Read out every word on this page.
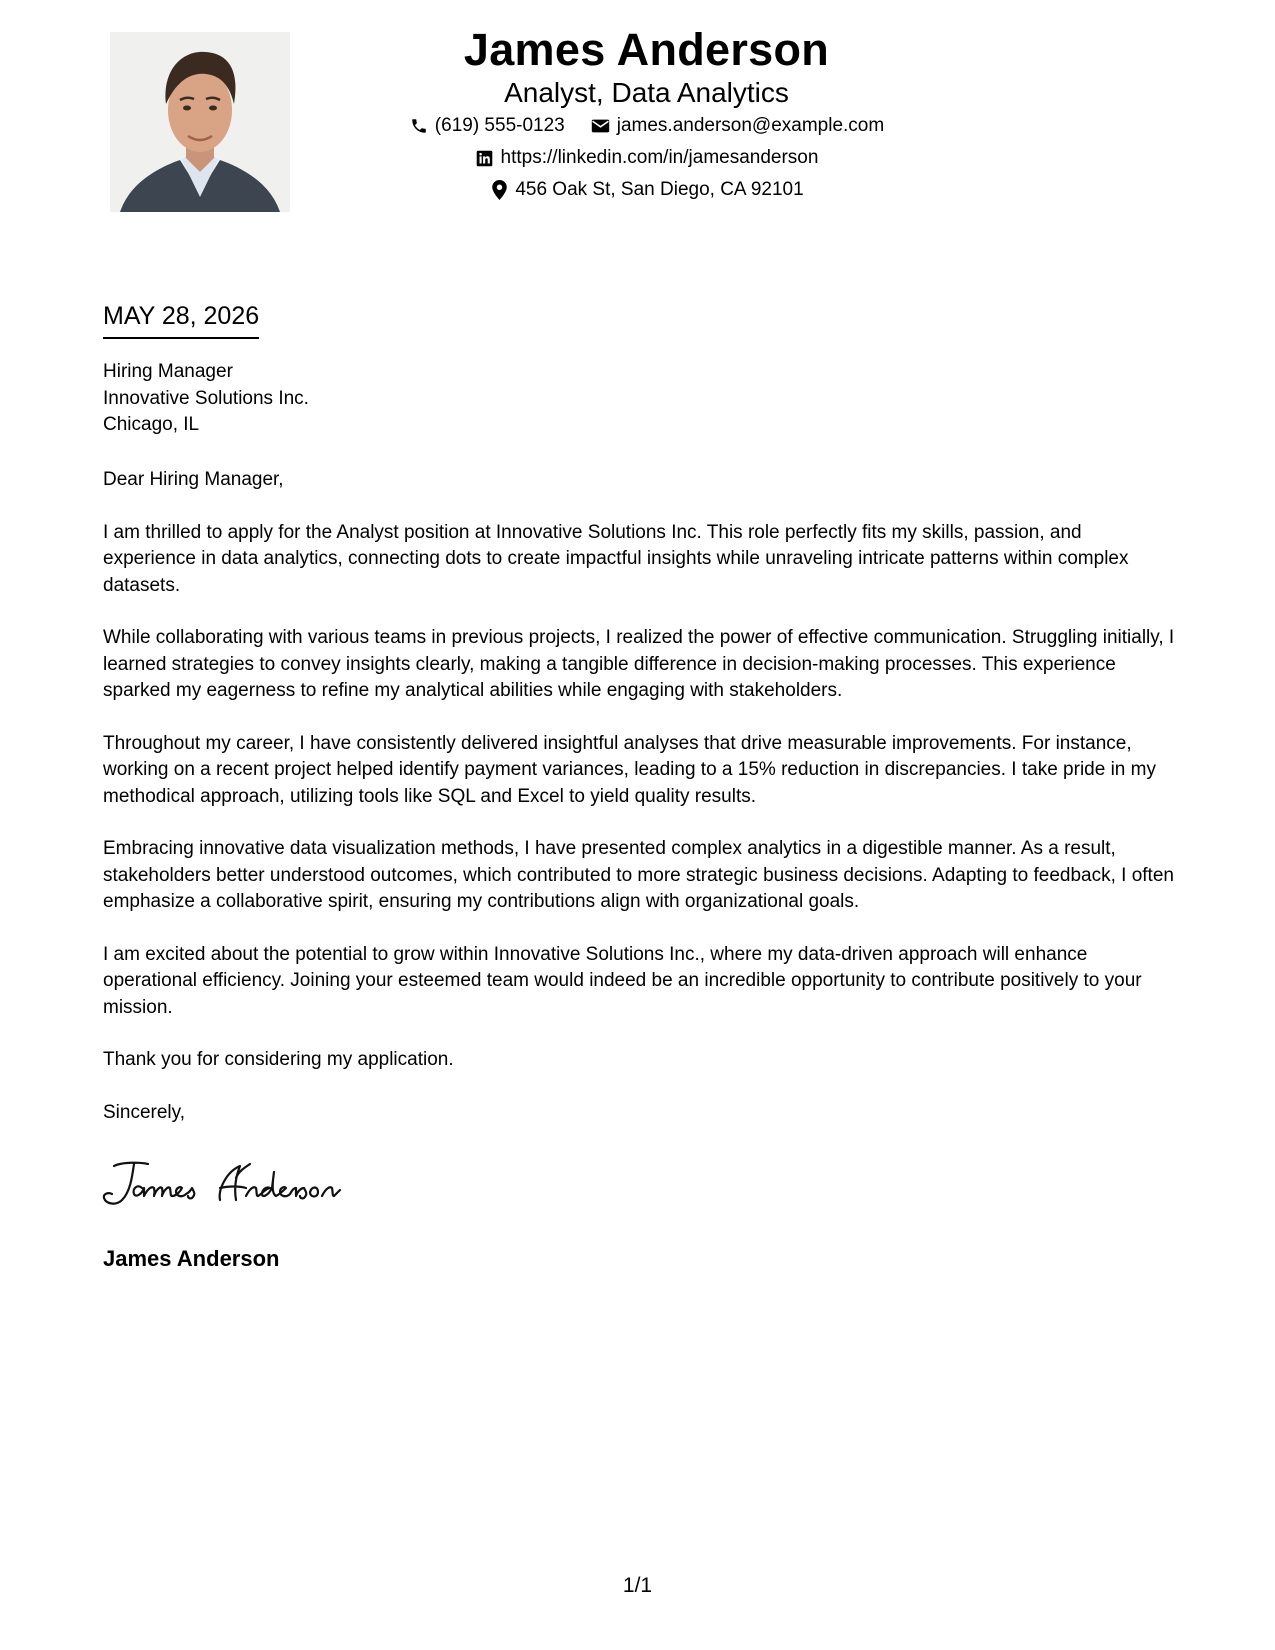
James Anderson
Analyst, Data Analytics
(619) 555-0123	james.anderson@example.com
https://linkedin.com/in/jamesanderson
456 Oak St, San Diego, CA 92101
MAY 28, 2026
Hiring Manager
Innovative Solutions Inc.
Chicago, IL

Dear Hiring Manager,

I am thrilled to apply for the Analyst position at Innovative Solutions Inc. This role perfectly fits my skills, passion, and experience in data analytics, connecting dots to create impactful insights while unraveling intricate patterns within complex datasets.

While collaborating with various teams in previous projects, I realized the power of effective communication. Struggling initially, I learned strategies to convey insights clearly, making a tangible difference in decision-making processes. This experience sparked my eagerness to refine my analytical abilities while engaging with stakeholders.

Throughout my career, I have consistently delivered insightful analyses that drive measurable improvements. For instance, working on a recent project helped identify payment variances, leading to a 15% reduction in discrepancies. I take pride in my methodical approach, utilizing tools like SQL and Excel to yield quality results.

Embracing innovative data visualization methods, I have presented complex analytics in a digestible manner. As a result, stakeholders better understood outcomes, which contributed to more strategic business decisions. Adapting to feedback, I often emphasize a collaborative spirit, ensuring my contributions align with organizational goals.

I am excited about the potential to grow within Innovative Solutions Inc., where my data-driven approach will enhance operational efficiency. Joining your esteemed team would indeed be an incredible opportunity to contribute positively to your mission.

Thank you for considering my application.

Sincerely,
James Anderson
1/1
